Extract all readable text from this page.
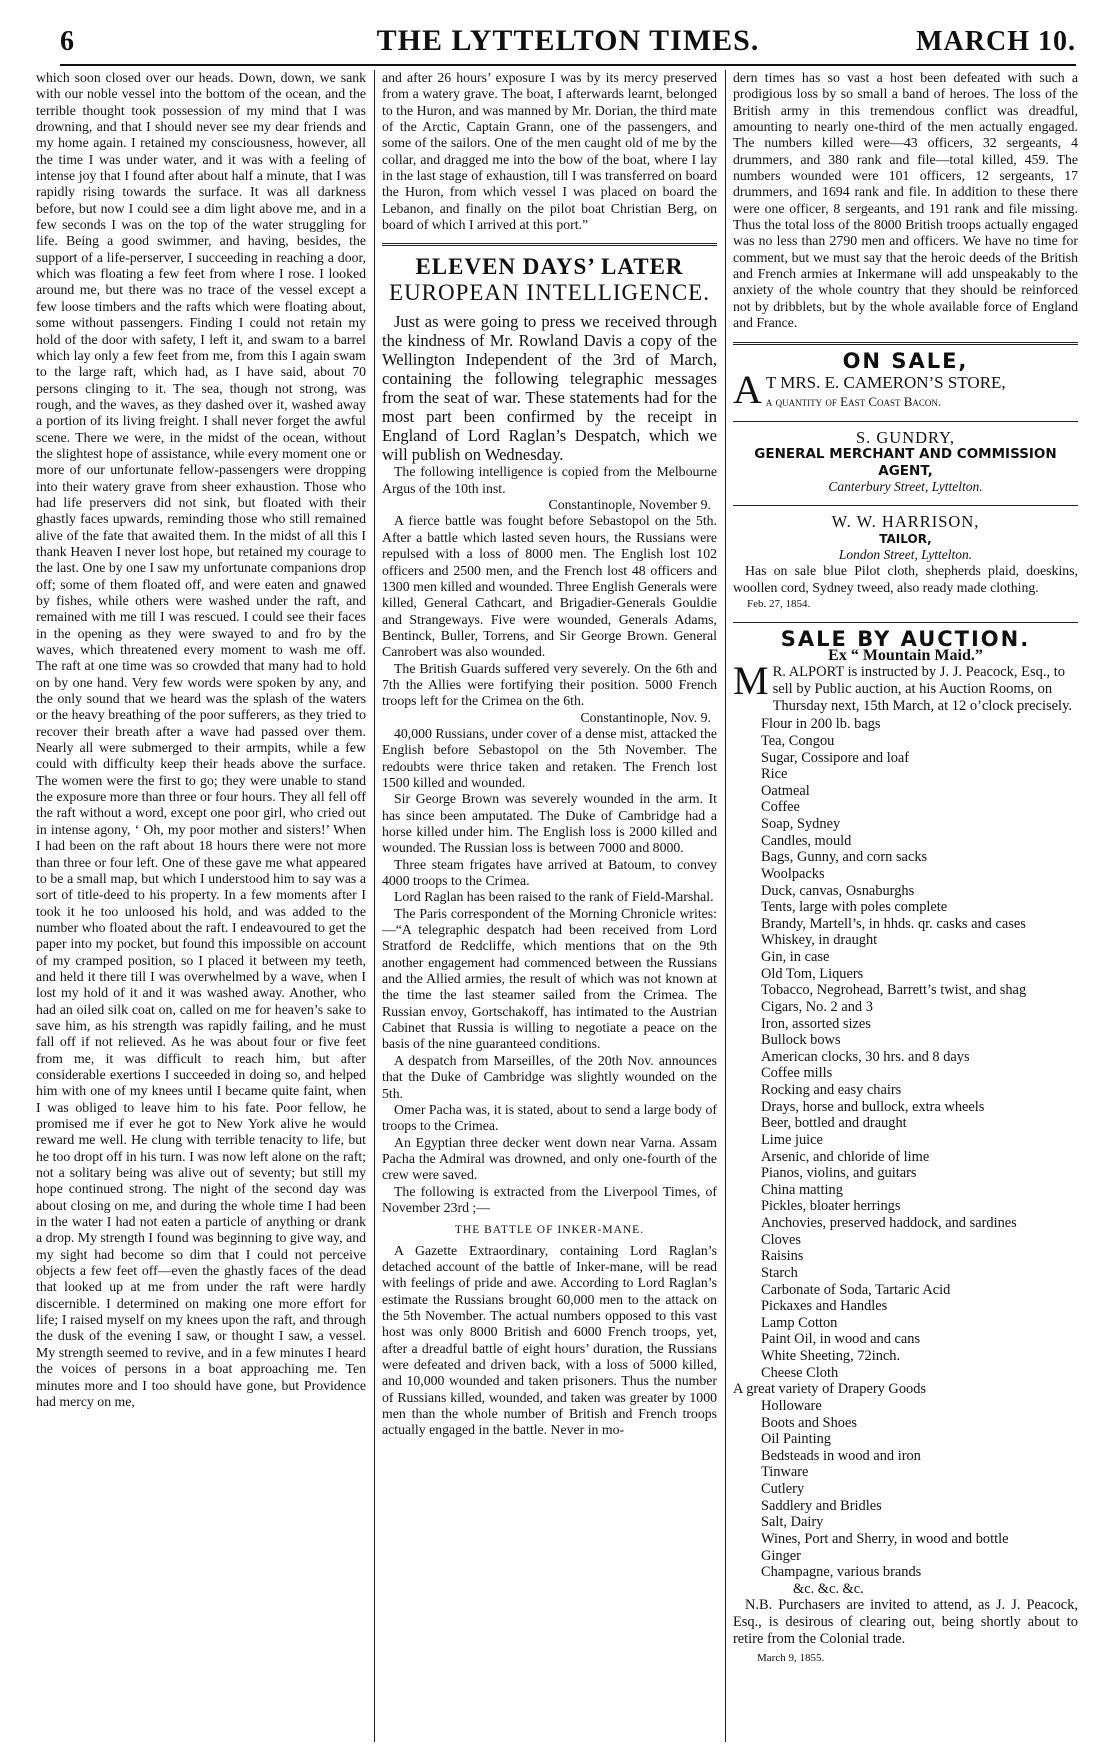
6	THE LYTTELTON TIMES.	MARCH 10.

which soon closed over our heads. Down, down, we sank with our noble vessel into the bottom of the ocean, and the terrible thought took possession of my mind that I was drowning, and that I should never see my dear friends and my home again. I retained my consciousness, however, all the time I was under water, and it was with a feeling of intense joy that I found after about half a minute, that I was rapidly rising towards the surface. It was all darkness before, but now I could see a dim light above me, and in a few seconds I was on the top of the water struggling for life. Being a good swimmer, and having, besides, the support of a life-perserver, I succeeding in reaching a door, which was floating a few feet from where I rose. I looked around me, but there was no trace of the vessel except a few loose timbers and the rafts which were floating about, some without passengers. Finding I could not retain my hold of the door with safety, I left it, and swam to a barrel which lay only a few feet from me, from this I again swam to the large raft, which had, as I have said, about 70 persons clinging to it. The sea, though not strong, was rough, and the waves, as they dashed over it, washed away a portion of its living freight. I shall never forget the awful scene. There we were, in the midst of the ocean, without the slightest hope of assistance, while every moment one or more of our unfortunate fellow-passengers were dropping into their watery grave from sheer exhaustion. Those who had life preservers did not sink, but floated with their ghastly faces upwards, reminding those who still remained alive of the fate that awaited them. In the midst of all this I thank Heaven I never lost hope, but retained my courage to the last. One by one I saw my unfortunate companions drop off; some of them floated off, and were eaten and gnawed by fishes, while others were washed under the raft, and remained with me till I was rescued. I could see their faces in the opening as they were swayed to and fro by the waves, which threatened every moment to wash me off. The raft at one time was so crowded that many had to hold on by one hand. Very few words were spoken by any, and the only sound that we heard was the splash of the waters or the heavy breathing of the poor sufferers, as they tried to recover their breath after a wave had passed over them. Nearly all were submerged to their armpits, while a few could with difficulty keep their heads above the surface. The women were the first to go; they were unable to stand the exposure more than three or four hours. They all fell off the raft without a word, except one poor girl, who cried out in intense agony, ‘ Oh, my poor mother and sisters!’ When I had been on the raft about 18 hours there were not more than three or four left. One of these gave me what appeared to be a small map, but which I understood him to say was a sort of title-deed to his property. In a few moments after I took it he too unloosed his hold, and was added to the number who floated about the raft. I endeavoured to get the paper into my pocket, but found this impossible on account of my cramped position, so I placed it between my teeth, and held it there till I was overwhelmed by a wave, when I lost my hold of it and it was washed away. Another, who had an oiled silk coat on, called on me for heaven’s sake to save him, as his strength was rapidly failing, and he must fall off if not relieved. As he was about four or five feet from me, it was difficult to reach him, but after considerable exertions I succeeded in doing so, and helped him with one of my knees until I became quite faint, when I was obliged to leave him to his fate. Poor fellow, he promised me if ever he got to New York alive he would reward me well. He clung with terrible tenacity to life, but he too dropt off in his turn. I was now left alone on the raft; not a solitary being was alive out of seventy; but still my hope continued strong. The night of the second day was about closing on me, and during the whole time I had been in the water I had not eaten a particle of anything or drank a drop. My strength I found was beginning to give way, and my sight had become so dim that I could not perceive objects a few feet off—even the ghastly faces of the dead that looked up at me from under the raft were hardly discernible. I determined on making one more effort for life; I raised myself on my knees upon the raft, and through the dusk of the evening I saw, or thought I saw, a vessel. My strength seemed to revive, and in a few minutes I heard the voices of persons in a boat approaching me. Ten minutes more and I too should have gone, but Providence had mercy on me,

and after 26 hours’ exposure I was by its mercy preserved from a watery grave. The boat, I afterwards learnt, belonged to the Huron, and was manned by Mr. Dorian, the third mate of the Arctic, Captain Grann, one of the passengers, and some of the sailors. One of the men caught old of me by the collar, and dragged me into the bow of the boat, where I lay in the last stage of exhaustion, till I was transferred on board the Huron, from which vessel I was placed on board the Lebanon, and finally on the pilot boat Christian Berg, on board of which I arrived at this port.”

ELEVEN DAYS’ LATER
EUROPEAN INTELLIGENCE.

Just as were going to press we received through the kindness of Mr. Rowland Davis a copy of the Wellington Independent of the 3rd of March, containing the following telegraphic messages from the seat of war. These statements had for the most part been confirmed by the receipt in England of Lord Raglan’s Despatch, which we will publish on Wednesday.

The following intelligence is copied from the Melbourne Argus of the 10th inst.

Constantinople, November 9.

A fierce battle was fought before Sebastopol on the 5th. After a battle which lasted seven hours, the Russians were repulsed with a loss of 8000 men. The English lost 102 officers and 2500 men, and the French lost 48 officers and 1300 men killed and wounded. Three English Generals were killed, General Cathcart, and Brigadier-Generals Gouldie and Strangeways. Five were wounded, Generals Adams, Bentinck, Buller, Torrens, and Sir George Brown. General Canrobert was also wounded.

The British Guards suffered very severely. On the 6th and 7th the Allies were fortifying their position. 5000 French troops left for the Crimea on the 6th.

Constantinople, Nov. 9.

40,000 Russians, under cover of a dense mist, attacked the English before Sebastopol on the 5th November. The redoubts were thrice taken and retaken. The French lost 1500 killed and wounded.

Sir George Brown was severely wounded in the arm. It has since been amputated. The Duke of Cambridge had a horse killed under him. The English loss is 2000 killed and wounded. The Russian loss is between 7000 and 8000.

Three steam frigates have arrived at Batoum, to convey 4000 troops to the Crimea.

Lord Raglan has been raised to the rank of Field-Marshal.

The Paris correspondent of the Morning Chronicle writes:—“A telegraphic despatch had been received from Lord Stratford de Redcliffe, which mentions that on the 9th another engagement had commenced between the Russians and the Allied armies, the result of which was not known at the time the last steamer sailed from the Crimea. The Russian envoy, Gortschakoff, has intimated to the Austrian Cabinet that Russia is willing to negotiate a peace on the basis of the nine guaranteed conditions.

A despatch from Marseilles, of the 20th Nov. announces that the Duke of Cambridge was slightly wounded on the 5th.

Omer Pacha was, it is stated, about to send a large body of troops to the Crimea.

An Egyptian three decker went down near Varna. Assam Pacha the Admiral was drowned, and only one-fourth of the crew were saved.

The following is extracted from the Liverpool Times, of November 23rd ;—

THE BATTLE OF INKER-MANE.

A Gazette Extraordinary, containing Lord Raglan’s detached account of the battle of Inker-mane, will be read with feelings of pride and awe. According to Lord Raglan’s estimate the Russians brought 60,000 men to the attack on the 5th November. The actual numbers opposed to this vast host was only 8000 British and 6000 French troops, yet, after a dreadful battle of eight hours’ duration, the Russians were defeated and driven back, with a loss of 5000 killed, and 10,000 wounded and taken prisoners. Thus the number of Russians killed, wounded, and taken was greater by 1000 men than the whole number of British and French troops actually engaged in the battle. Never in mo-

dern times has so vast a host been defeated with such a prodigious loss by so small a band of heroes. The loss of the British army in this tremendous conflict was dreadful, amounting to nearly one-third of the men actually engaged. The numbers killed were—43 officers, 32 sergeants, 4 drummers, and 380 rank and file—total killed, 459. The numbers wounded were 101 officers, 12 sergeants, 17 drummers, and 1694 rank and file. In addition to these there were one officer, 8 sergeants, and 191 rank and file missing. Thus the total loss of the 8000 British troops actually engaged was no less than 2790 men and officers. We have no time for comment, but we must say that the heroic deeds of the British and French armies at Inkermane will add unspeakably to the anxiety of the whole country that they should be reinforced not by dribblets, but by the whole available force of England and France.

ON SALE,
A T MRS. E. CAMERON’S STORE,
a quantity of East Coast Bacon.
S. GUNDRY,
GENERAL MERCHANT AND COMMISSION AGENT,
Canterbury Street, Lyttelton.
W. W. HARRISON,
TAILOR,
London Street, Lyttelton.

Has on sale blue Pilot cloth, shepherds plaid, doeskins, woollen cord, Sydney tweed, also ready made clothing.

Feb. 27, 1854.
SALE BY AUCTION.
Ex “ Mountain Maid.”
M R. ALPORT is instructed by J. J. Peacock, Esq., to sell by Public auction, at his Auction Rooms, on Thursday next, 15th March, at 12 o’clock precisely.
Flour in 200 lb. bags
Tea, Congou
Sugar, Cossipore and loaf
Rice
Oatmeal
Coffee
Soap, Sydney
Candles, mould
Bags, Gunny, and corn sacks
Woolpacks
Duck, canvas, Osnaburghs
Tents, large with poles complete
Brandy, Martell’s, in hhds. qr. casks and cases
Whiskey, in draught
Gin, in case
Old Tom, Liquers
Tobacco, Negrohead, Barrett’s twist, and shag
Cigars, No. 2 and 3
Iron, assorted sizes
Bullock bows
American clocks, 30 hrs. and 8 days
Coffee mills
Rocking and easy chairs
Drays, horse and bullock, extra wheels
Beer, bottled and draught
Lime juice
Arsenic, and chloride of lime
Pianos, violins, and guitars
China matting
Pickles, bloater herrings
Anchovies, preserved haddock, and sardines
Cloves
Raisins
Starch
Carbonate of Soda, Tartaric Acid
Pickaxes and Handles
Lamp Cotton
Paint Oil, in wood and cans
White Sheeting, 72inch.
Cheese Cloth
A great variety of Drapery Goods
Holloware
Boots and Shoes
Oil Painting
Bedsteads in wood and iron
Tinware
Cutlery
Saddlery and Bridles
Salt, Dairy
Wines, Port and Sherry, in wood and bottle
Ginger
Champagne, various brands
&c. &c. &c.

N.B. Purchasers are invited to attend, as J. J. Peacock, Esq., is desirous of clearing out, being shortly about to retire from the Colonial trade.

March 9, 1855.
